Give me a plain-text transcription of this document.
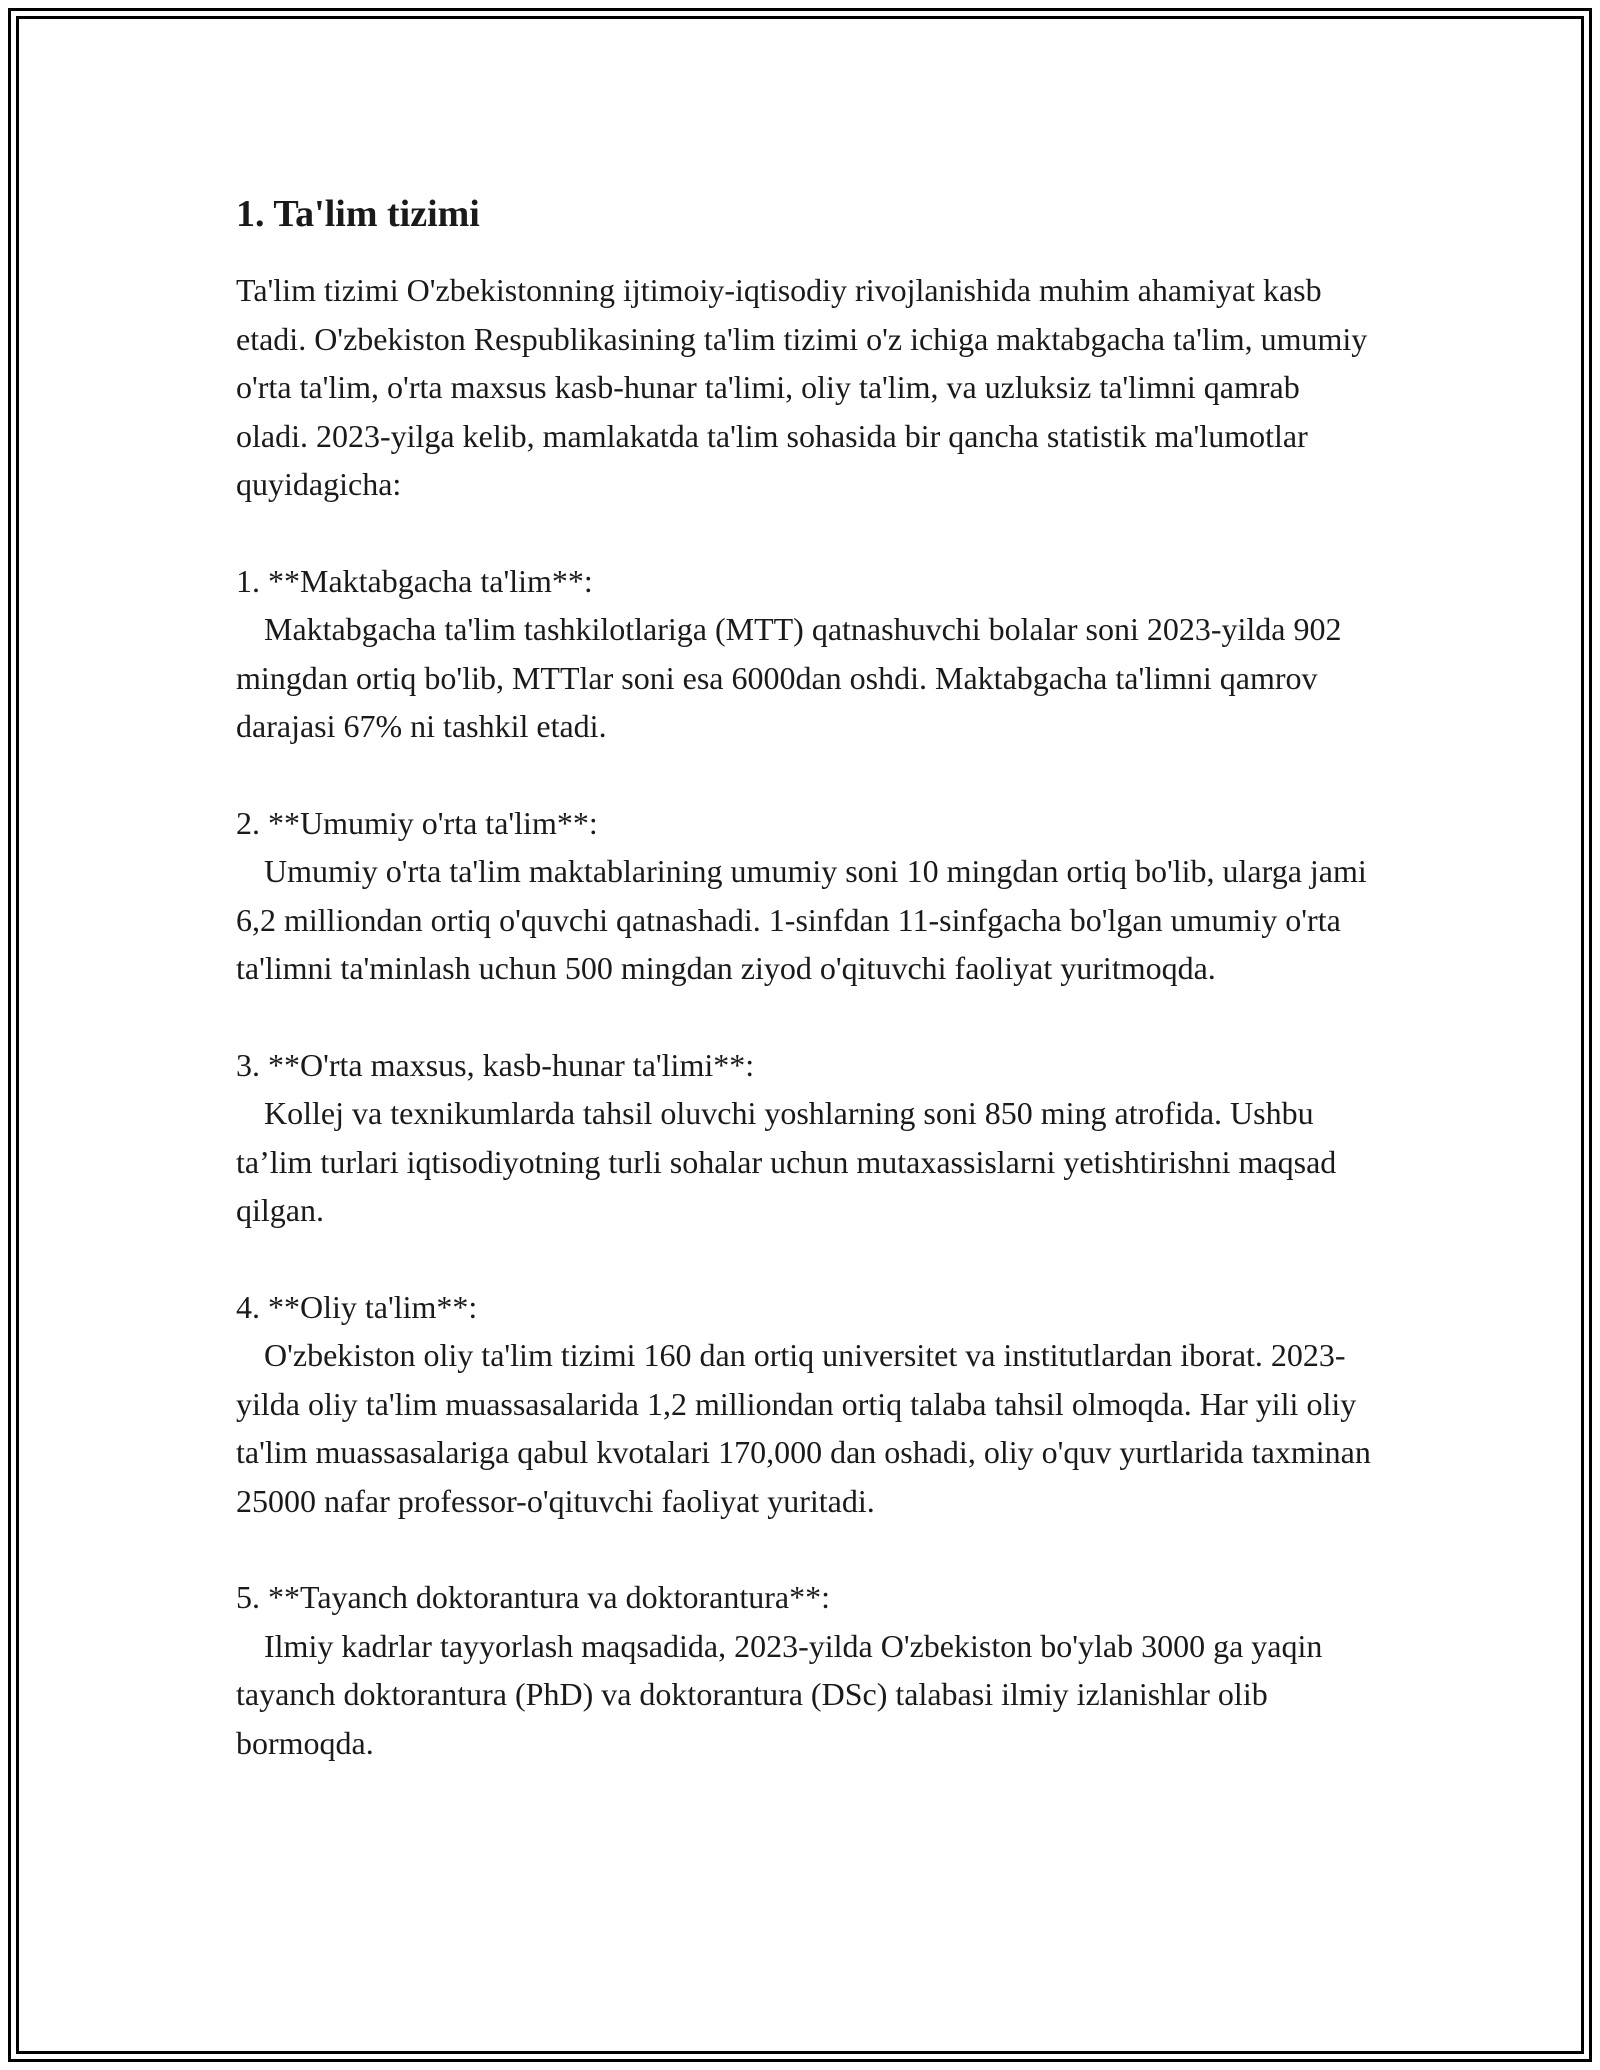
1. Ta'lim tizimi

Ta'lim tizimi O'zbekistonning ijtimoiy-iqtisodiy rivojlanishida muhim ahamiyat kasb etadi. O'zbekiston Respublikasining ta'lim tizimi o'z ichiga maktabgacha ta'lim, umumiy o'rta ta'lim, o'rta maxsus kasb-hunar ta'limi, oliy ta'lim, va uzluksiz ta'limni qamrab oladi. 2023-yilga kelib, mamlakatda ta'lim sohasida bir qancha statistik ma'lumotlar quyidagicha:

1. **Maktabgacha ta'lim**:

Maktabgacha ta'lim tashkilotlariga (MTT) qatnashuvchi bolalar soni 2023-yilda 902 mingdan ortiq bo'lib, MTTlar soni esa 6000dan oshdi. Maktabgacha ta'limni qamrov darajasi 67% ni tashkil etadi.

2. **Umumiy o'rta ta'lim**:

Umumiy o'rta ta'lim maktablarining umumiy soni 10 mingdan ortiq bo'lib, ularga jami 6,2 milliondan ortiq o'quvchi qatnashadi. 1-sinfdan 11-sinfgacha bo'lgan umumiy o'rta ta'limni ta'minlash uchun 500 mingdan ziyod o'qituvchi faoliyat yuritmoqda.

3. **O'rta maxsus, kasb-hunar ta'limi**:

Kollej va texnikumlarda tahsil oluvchi yoshlarning soni 850 ming atrofida. Ushbu ta’lim turlari iqtisodiyotning turli sohalar uchun mutaxassislarni yetishtirishni maqsad qilgan.

4. **Oliy ta'lim**:

O'zbekiston oliy ta'lim tizimi 160 dan ortiq universitet va institutlardan iborat. 2023-yilda oliy ta'lim muassasalarida 1,2 milliondan ortiq talaba tahsil olmoqda. Har yili oliy ta'lim muassasalariga qabul kvotalari 170,000 dan oshadi, oliy o'quv yurtlarida taxminan 25000 nafar professor-o'qituvchi faoliyat yuritadi.

5. **Tayanch doktorantura va doktorantura**:

Ilmiy kadrlar tayyorlash maqsadida, 2023-yilda O'zbekiston bo'ylab 3000 ga yaqin tayanch doktorantura (PhD) va doktorantura (DSc) talabasi ilmiy izlanishlar olib bormoqda.
